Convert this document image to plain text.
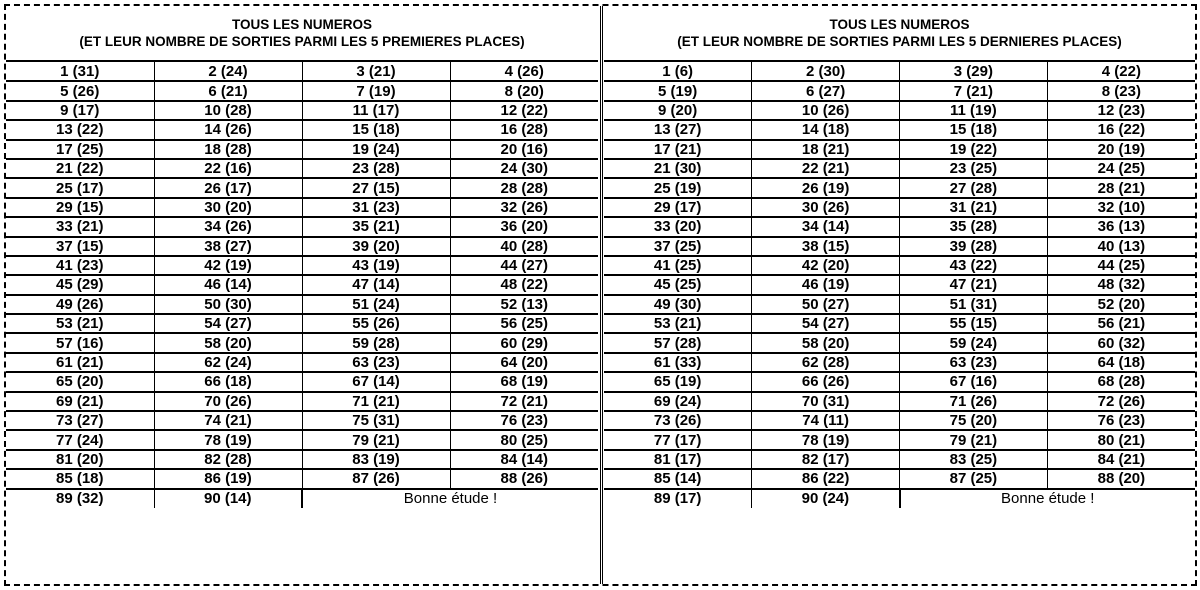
TOUS LES NUMEROS
(ET LEUR NOMBRE DE SORTIES PARMI LES 5 PREMIERES PLACES)
1 (31)	2 (24)	3 (21)	4 (26)
5 (26)	6 (21)	7 (19)	8 (20)
9 (17)	10 (28)	11 (17)	12 (22)
13 (22)	14 (26)	15 (18)	16 (28)
17 (25)	18 (28)	19 (24)	20 (16)
21 (22)	22 (16)	23 (28)	24 (30)
25 (17)	26 (17)	27 (15)	28 (28)
29 (15)	30 (20)	31 (23)	32 (26)
33 (21)	34 (26)	35 (21)	36 (20)
37 (15)	38 (27)	39 (20)	40 (28)
41 (23)	42 (19)	43 (19)	44 (27)
45 (29)	46 (14)	47 (14)	48 (22)
49 (26)	50 (30)	51 (24)	52 (13)
53 (21)	54 (27)	55 (26)	56 (25)
57 (16)	58 (20)	59 (28)	60 (29)
61 (21)	62 (24)	63 (23)	64 (20)
65 (20)	66 (18)	67 (14)	68 (19)
69 (21)	70 (26)	71 (21)	72 (21)
73 (27)	74 (21)	75 (31)	76 (23)
77 (24)	78 (19)	79 (21)	80 (25)
81 (20)	82 (28)	83 (19)	84 (14)
85 (18)	86 (19)	87 (26)	88 (26)
89 (32)	90 (14)	Bonne étude !	
TOUS LES NUMEROS
(ET LEUR NOMBRE DE SORTIES PARMI LES 5 DERNIERES PLACES)
1 (6)	2 (30)	3 (29)	4 (22)
5 (19)	6 (27)	7 (21)	8 (23)
9 (20)	10 (26)	11 (19)	12 (23)
13 (27)	14 (18)	15 (18)	16 (22)
17 (21)	18 (21)	19 (22)	20 (19)
21 (30)	22 (21)	23 (25)	24 (25)
25 (19)	26 (19)	27 (28)	28 (21)
29 (17)	30 (26)	31 (21)	32 (10)
33 (20)	34 (14)	35 (28)	36 (13)
37 (25)	38 (15)	39 (28)	40 (13)
41 (25)	42 (20)	43 (22)	44 (25)
45 (25)	46 (19)	47 (21)	48 (32)
49 (30)	50 (27)	51 (31)	52 (20)
53 (21)	54 (27)	55 (15)	56 (21)
57 (28)	58 (20)	59 (24)	60 (32)
61 (33)	62 (28)	63 (23)	64 (18)
65 (19)	66 (26)	67 (16)	68 (28)
69 (24)	70 (31)	71 (26)	72 (26)
73 (26)	74 (11)	75 (20)	76 (23)
77 (17)	78 (19)	79 (21)	80 (21)
81 (17)	82 (17)	83 (25)	84 (21)
85 (14)	86 (22)	87 (25)	88 (20)
89 (17)	90 (24)	Bonne étude !	
